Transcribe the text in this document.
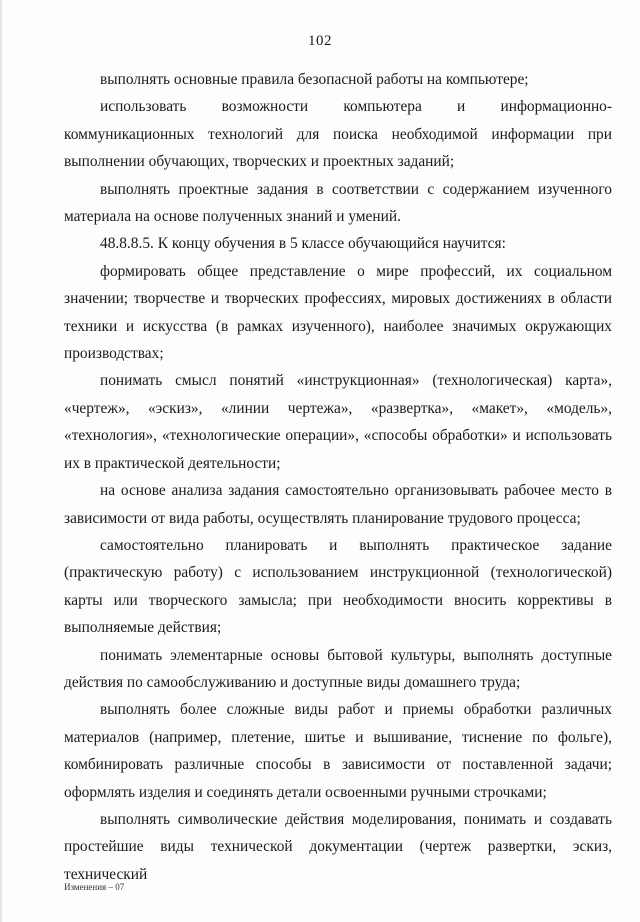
102

выполнять основные правила безопасной работы на компьютере;

использовать возможности компьютера и информационно-коммуникационных технологий для поиска необходимой информации при выполнении обучающих, творческих и проектных заданий;

выполнять проектные задания в соответствии с содержанием изученного материала на основе полученных знаний и умений.

48.8.8.5. К концу обучения в 5 классе обучающийся научится:

формировать общее представление о мире профессий, их социальном значении; творчестве и творческих профессиях, мировых достижениях в области техники и искусства (в рамках изученного), наиболее значимых окружающих производствах;

понимать смысл понятий «инструкционная» (технологическая) карта», «чертеж», «эскиз», «линии чертежа», «развертка», «макет», «модель», «технология», «технологические операции», «способы обработки» и использовать их в практической деятельности;

на основе анализа задания самостоятельно организовывать рабочее место в зависимости от вида работы, осуществлять планирование трудового процесса;

самостоятельно планировать и выполнять практическое задание (практическую работу) с использованием инструкционной (технологической) карты или творческого замысла; при необходимости вносить коррективы в выполняемые действия;

понимать элементарные основы бытовой культуры, выполнять доступные действия по самообслуживанию и доступные виды домашнего труда;

выполнять более сложные виды работ и приемы обработки различных материалов (например, плетение, шитье и вышивание, тиснение по фольге), комбинировать различные способы в зависимости от поставленной задачи; оформлять изделия и соединять детали освоенными ручными строчками;

выполнять символические действия моделирования, понимать и создавать простейшие виды технической документации (чертеж развертки, эскиз, технический

Изменения – 07
